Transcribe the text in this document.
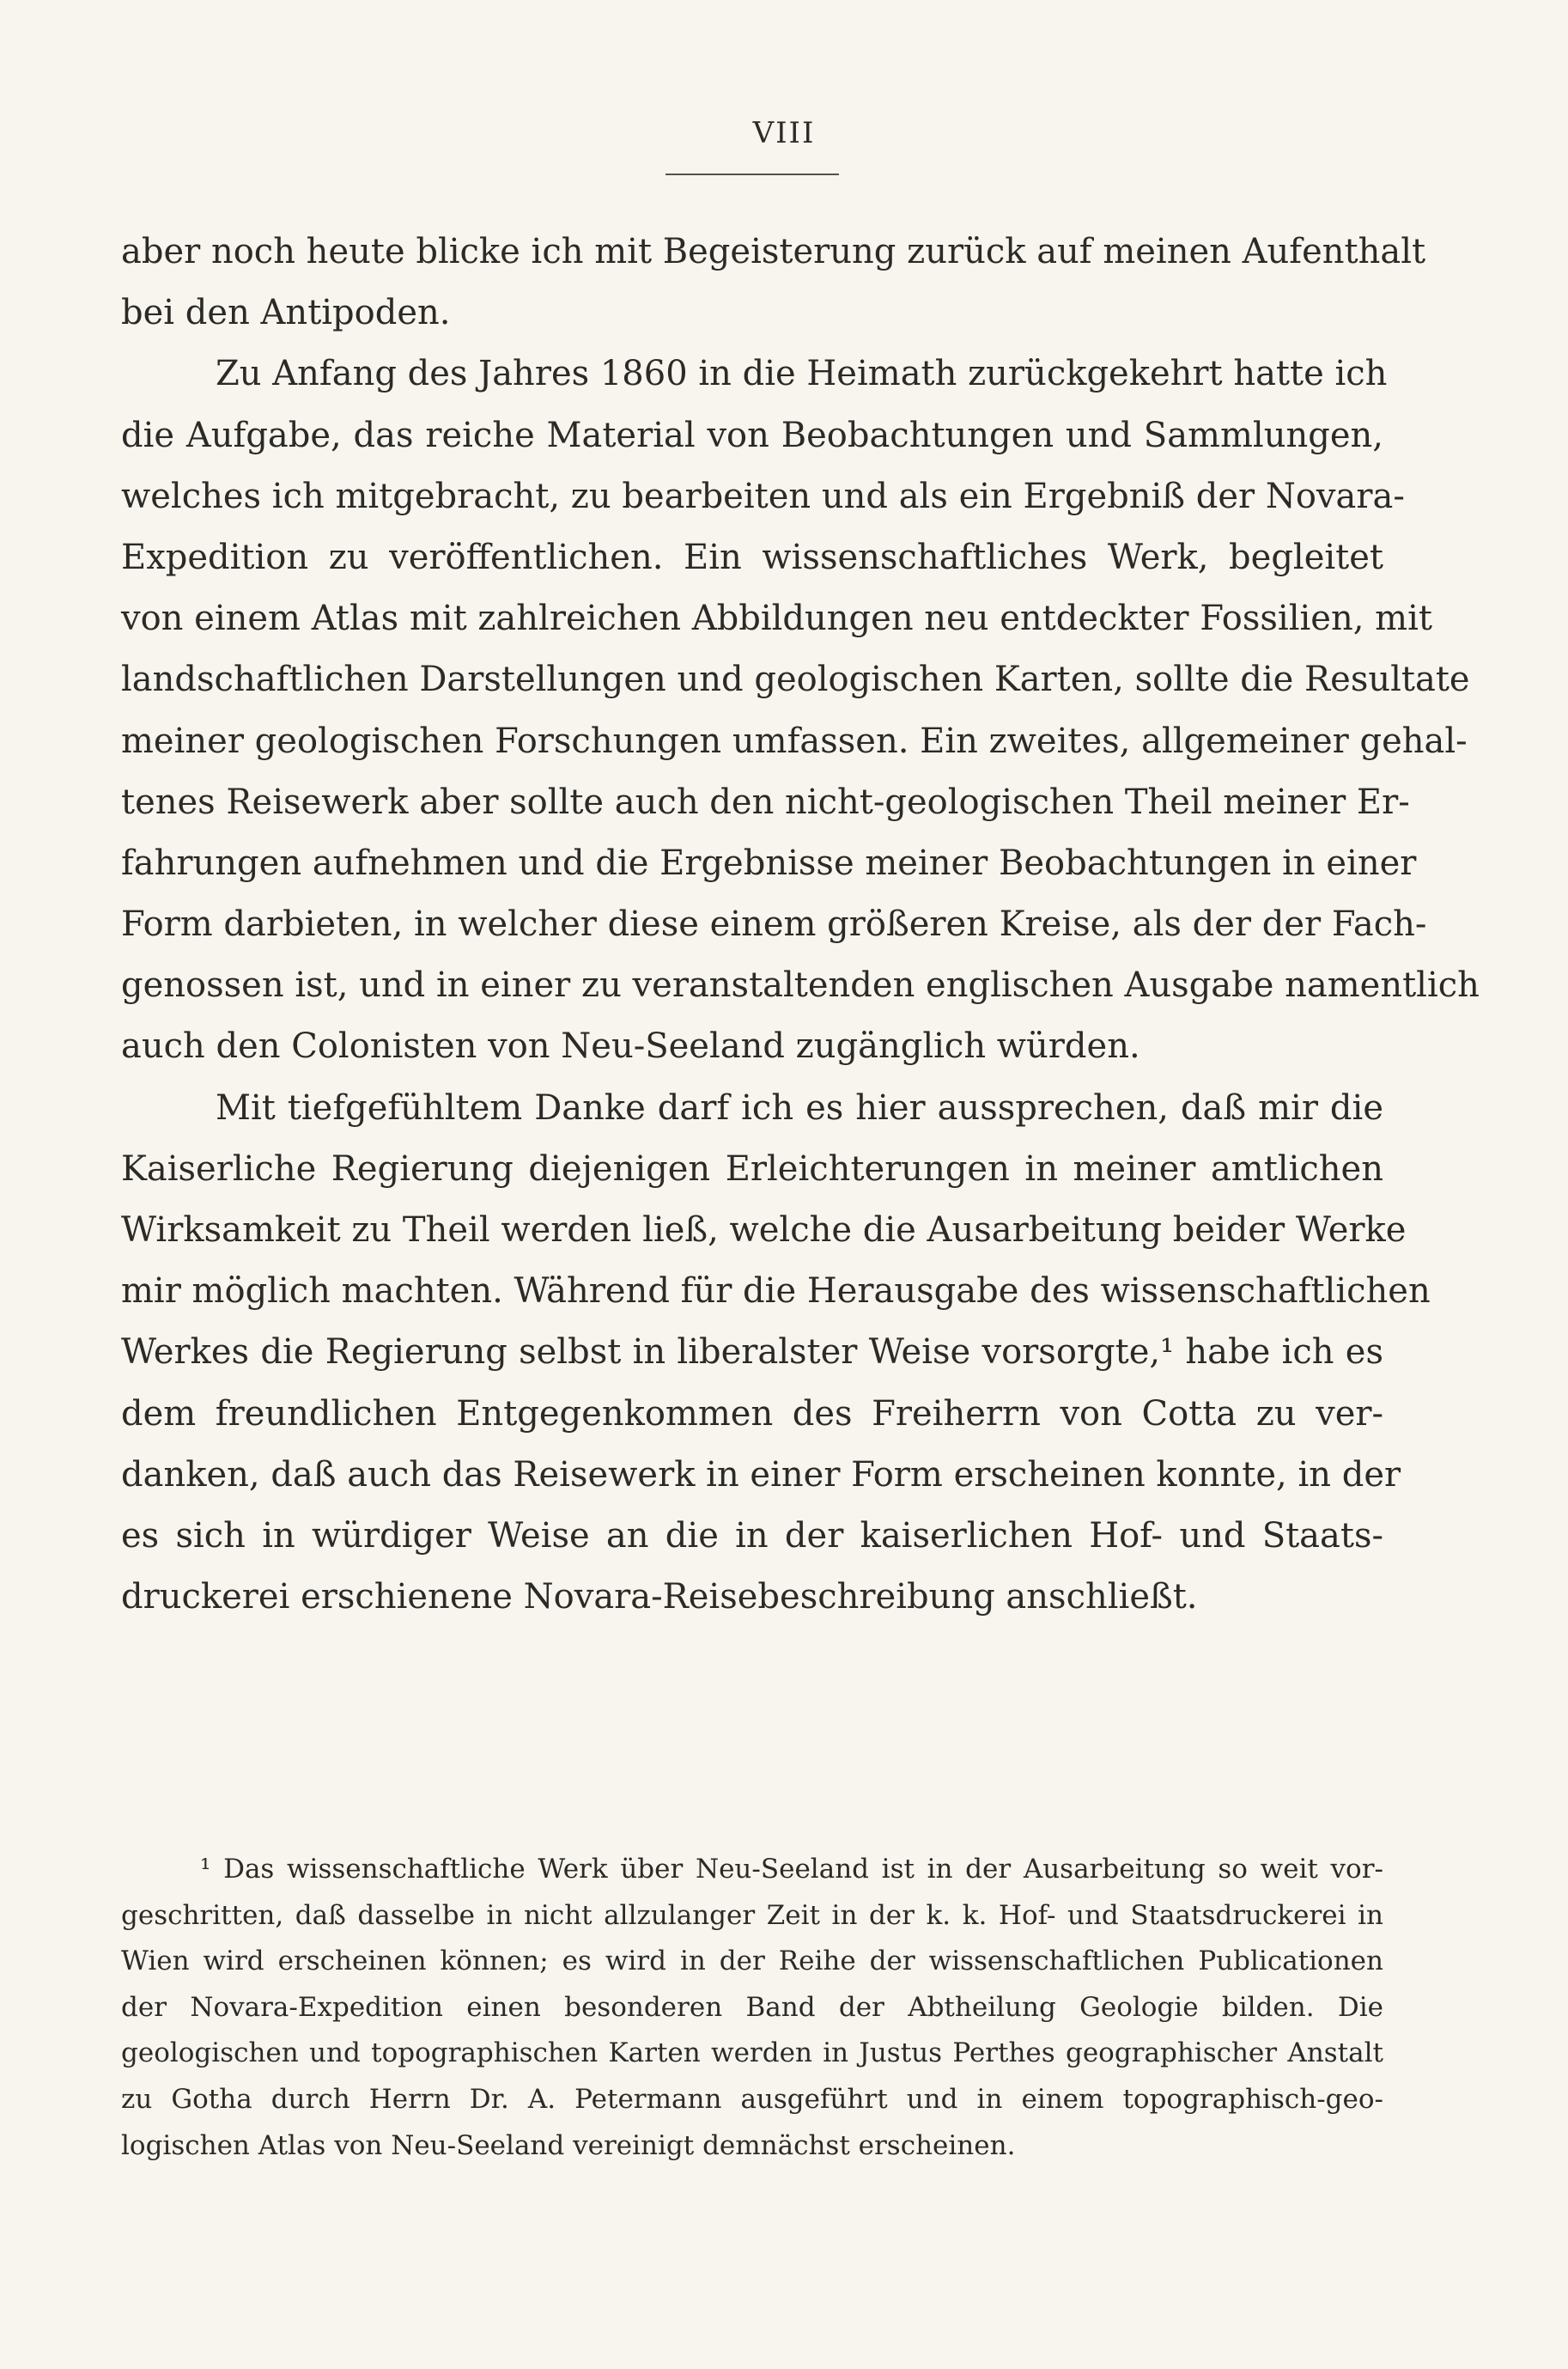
VIII
aber noch heute blicke ich mit Begeisterung zurück auf meinen Aufenthalt
bei den Antipoden.
Zu Anfang des Jahres 1860 in die Heimath zurückgekehrt hatte ich
die Aufgabe, das reiche Material von Beobachtungen und Sammlungen,
welches ich mitgebracht, zu bearbeiten und als ein Ergebniß der Novara-
Expedition zu veröffentlichen. Ein wissenschaftliches Werk, begleitet
von einem Atlas mit zahlreichen Abbildungen neu entdeckter Fossilien, mit
landschaftlichen Darstellungen und geologischen Karten, sollte die Resultate
meiner geologischen Forschungen umfassen. Ein zweites, allgemeiner gehal-
tenes Reisewerk aber sollte auch den nicht-geologischen Theil meiner Er-
fahrungen aufnehmen und die Ergebnisse meiner Beobachtungen in einer
Form darbieten, in welcher diese einem größeren Kreise, als der der Fach-
genossen ist, und in einer zu veranstaltenden englischen Ausgabe namentlich
auch den Colonisten von Neu-Seeland zugänglich würden.
Mit tiefgefühltem Danke darf ich es hier aussprechen, daß mir die
Kaiserliche Regierung diejenigen Erleichterungen in meiner amtlichen
Wirksamkeit zu Theil werden ließ, welche die Ausarbeitung beider Werke
mir möglich machten. Während für die Herausgabe des wissenschaftlichen
Werkes die Regierung selbst in liberalster Weise vorsorgte,¹ habe ich es
dem freundlichen Entgegenkommen des Freiherrn von Cotta zu ver-
danken, daß auch das Reisewerk in einer Form erscheinen konnte, in der
es sich in würdiger Weise an die in der kaiserlichen Hof- und Staats-
druckerei erschienene Novara-Reisebeschreibung anschließt.
¹ Das wissenschaftliche Werk über Neu-Seeland ist in der Ausarbeitung so weit vor-
geschritten, daß dasselbe in nicht allzulanger Zeit in der k. k. Hof- und Staatsdruckerei in
Wien wird erscheinen können; es wird in der Reihe der wissenschaftlichen Publicationen
der Novara-Expedition einen besonderen Band der Abtheilung Geologie bilden. Die
geologischen und topographischen Karten werden in Justus Perthes geographischer Anstalt
zu Gotha durch Herrn Dr. A. Petermann ausgeführt und in einem topographisch-geo-
logischen Atlas von Neu-Seeland vereinigt demnächst erscheinen.
